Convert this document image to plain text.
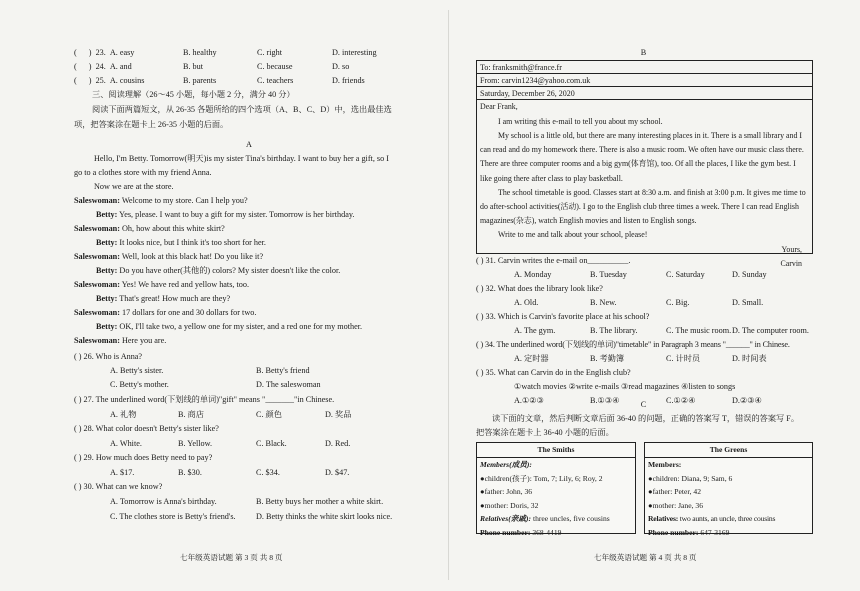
( ) 23. A. easy	B. healthy	C. right	D. interesting
( ) 24. A. and	B. but	C. because	D. so
( ) 25. A. cousins	B. parents	C. teachers	D. friends
三、阅读理解（26～45 小题，每小题 2 分，满分 40 分）
阅读下面两篇短文，从 26-35 各题所给的四个选项（A、B、C、D）中，选出最佳选
项，把答案涂在题卡上 26-35 小题的后面。
A
Hello, I'm Betty. Tomorrow(明天)is my sister Tina's birthday. I want to buy her a gift, so I
go to a clothes store with my friend Anna.
Now we are at the store.
Saleswoman: Welcome to my store. Can I help you?
Betty: Yes, please. I want to buy a gift for my sister. Tomorrow is her birthday.
Saleswoman: Oh, how about this white skirt?
Betty: It looks nice, but I think it's too short for her.
Saleswoman: Well, look at this black hat! Do you like it?
Betty: Do you have other(其他的) colors? My sister doesn't like the color.
Saleswoman: Yes! We have red and yellow hats, too.
Betty: That's great! How much are they?
Saleswoman: 17 dollars for one and 30 dollars for two.
Betty: OK, I'll take two, a yellow one for my sister, and a red one for my mother.
Saleswoman: Here you are.
( ) 26. Who is Anna?
A. Betty's sister.	B. Betty's friend
C. Betty's mother.	D. The saleswoman
( ) 27. The underlined word(下划线的单词)"gift" means "_______"in Chinese.
A. 礼物	B. 商店	C. 颜色	D. 奖品
( ) 28. What color doesn't Betty's sister like?
A. White.	B. Yellow.	C. Black.	D. Red.
( ) 29. How much does Betty need to pay?
A. $17.	B. $30.	C. $34.	D. $47.
( ) 30. What can we know?
A. Tomorrow is Anna's birthday.	B. Betty buys her mother a white skirt.
C. The clothes store is Betty's friend's. D. Betty thinks the white skirt looks nice.
七年级英语试题 第 3 页 共 8 页
B
To: franksmith@france.fr
From: carvin1234@yahoo.com.uk
Saturday, December 26, 2020
Dear Frank,
I am writing this e-mail to tell you about my school.
My school is a little old, but there are many interesting places in it. There is a small library and I can read and do my homework there. There is also a music room. We often have our music class there. There are three computer rooms and a big gym(体育馆), too. Of all the places, I like the gym best. I like going there after class to play basketball.
The school timetable is good. Classes start at 8:30 a.m. and finish at 3:00 p.m. It gives me time to do after-school activities(活动). I go to the English club three times a week. There I can read English magazines(杂志), watch English movies and listen to English songs.
Write to me and talk about your school, please!
Yours,
Carvin
( ) 31. Carvin writes the e-mail on__________.
A. Monday	B. Tuesday	C. Saturday	D. Sunday
( ) 32. What does the library look like?
A. Old.	B. New.	C. Big.	D. Small.
( ) 33. Which is Carvin's favorite place at his school?
A. The gym.	B. The library.	C. The music room. D. The computer room.
( ) 34. The underlined word(下划线的单词)"timetable" in Paragraph 3 means "______" in Chinese.
A. 定时器	B. 考勤簿	C. 计时员	D. 时间表
( ) 35. What can Carvin do in the English club?
①watch movies ②write e-mails ③read magazines ④listen to songs
A.①②③	B.①③④	C.①②④	D.②③④
C
读下面的文章，然后判断文章后面 36-40 的问题，正确的答案写 T，错误的答案写 F。
把答案涂在题卡上 36-40 小题的后面。
The Smiths
Members(成员):
●children(孩子): Tom, 7; Lily, 6; Roy, 2
●father: John, 36
●mother: Doris, 32
Relatives(亲戚): three uncles, five cousins
Phone number: 368-4419
The Greens
Members:
●children: Diana, 9; Sam, 6
●father: Peter, 42
●mother: Jane, 36
Relatives: two aunts, an uncle, three cousins
Phone number: 647-3169
七年级英语试题 第 4 页 共 8 页
